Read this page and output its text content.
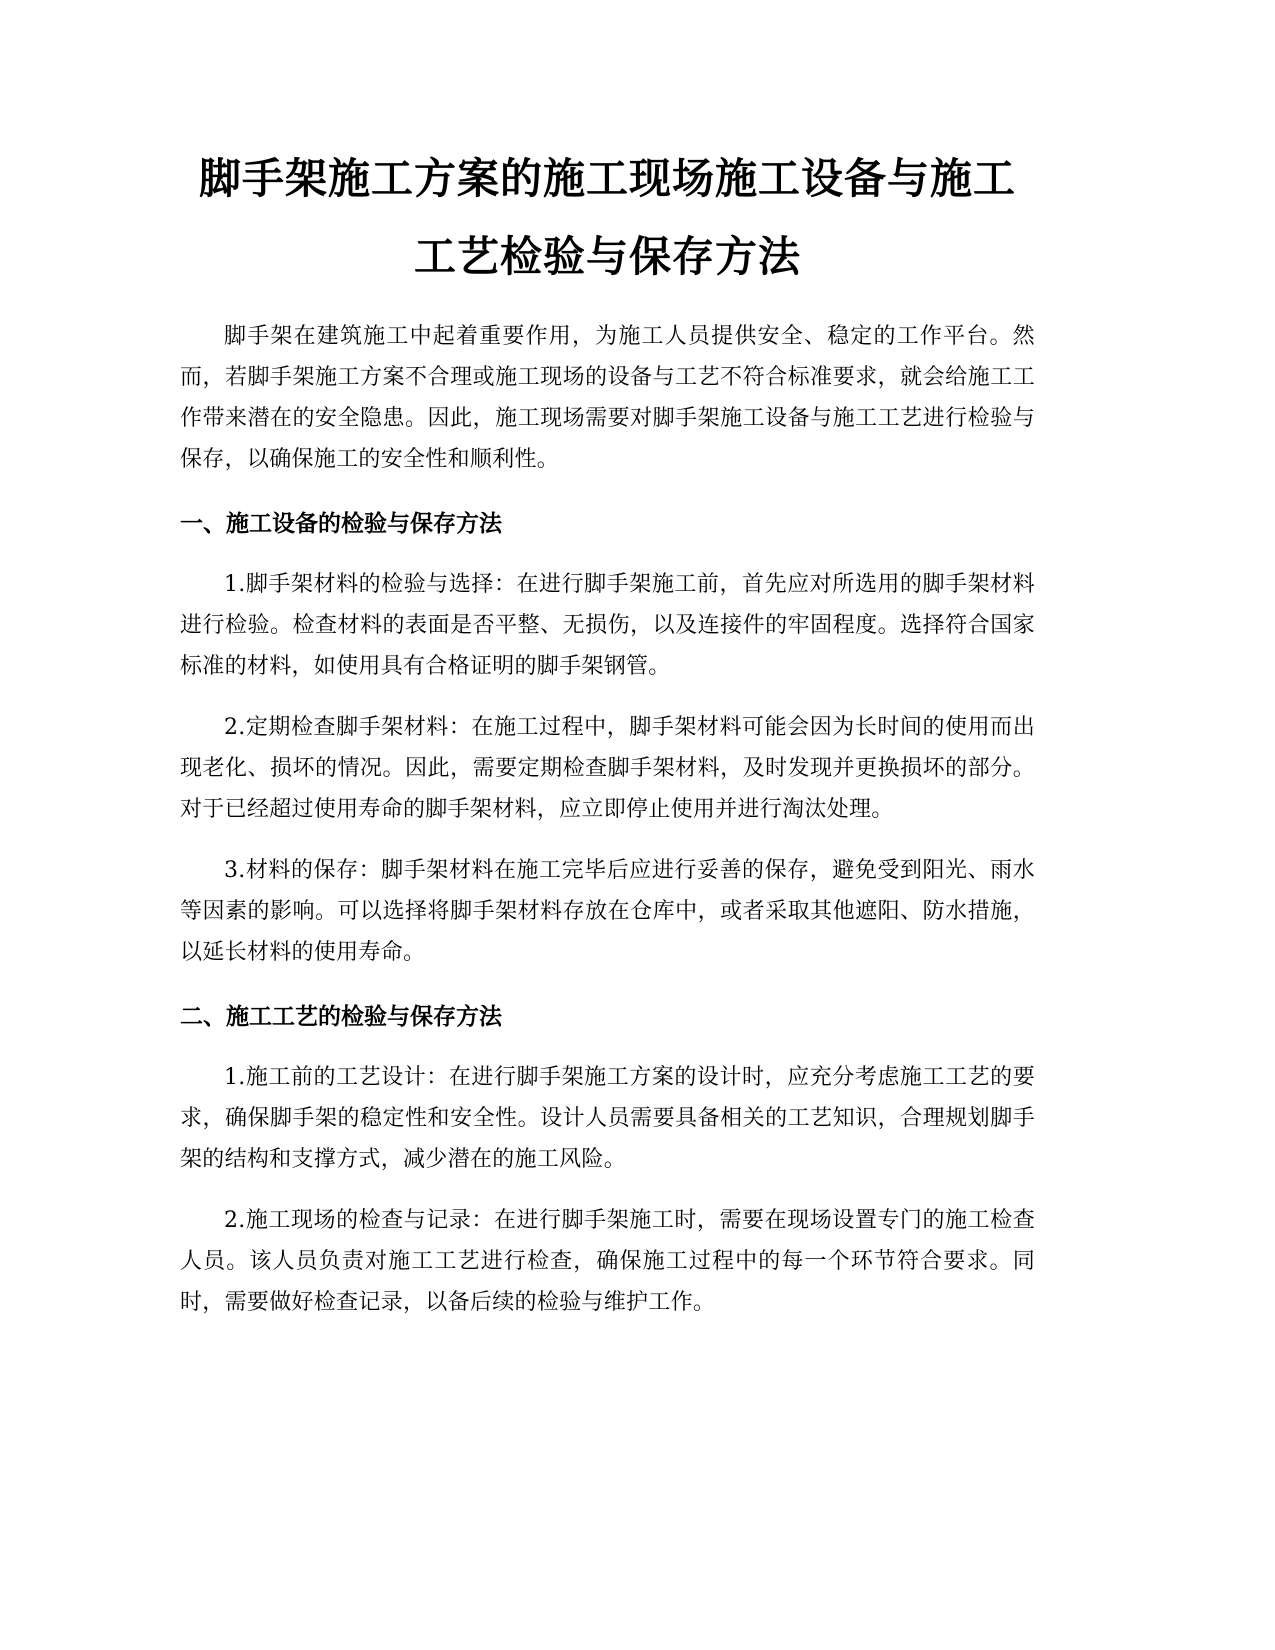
脚手架施工方案的施工现场施工设备与施工工艺检验与保存方法

脚手架在建筑施工中起着重要作用，为施工人员提供安全、稳定的工作平台。然而，若脚手架施工方案不合理或施工现场的设备与工艺不符合标准要求，就会给施工工作带来潜在的安全隐患。因此，施工现场需要对脚手架施工设备与施工工艺进行检验与保存，以确保施工的安全性和顺利性。

一、施工设备的检验与保存方法

1.脚手架材料的检验与选择：在进行脚手架施工前，首先应对所选用的脚手架材料进行检验。检查材料的表面是否平整、无损伤，以及连接件的牢固程度。选择符合国家标准的材料，如使用具有合格证明的脚手架钢管。

2.定期检查脚手架材料：在施工过程中，脚手架材料可能会因为长时间的使用而出现老化、损坏的情况。因此，需要定期检查脚手架材料，及时发现并更换损坏的部分。对于已经超过使用寿命的脚手架材料，应立即停止使用并进行淘汰处理。

3.材料的保存：脚手架材料在施工完毕后应进行妥善的保存，避免受到阳光、雨水等因素的影响。可以选择将脚手架材料存放在仓库中，或者采取其他遮阳、防水措施，以延长材料的使用寿命。

二、施工工艺的检验与保存方法

1.施工前的工艺设计：在进行脚手架施工方案的设计时，应充分考虑施工工艺的要求，确保脚手架的稳定性和安全性。设计人员需要具备相关的工艺知识，合理规划脚手架的结构和支撑方式，减少潜在的施工风险。

2.施工现场的检查与记录：在进行脚手架施工时，需要在现场设置专门的施工检查人员。该人员负责对施工工艺进行检查，确保施工过程中的每一个环节符合要求。同时，需要做好检查记录，以备后续的检验与维护工作。
